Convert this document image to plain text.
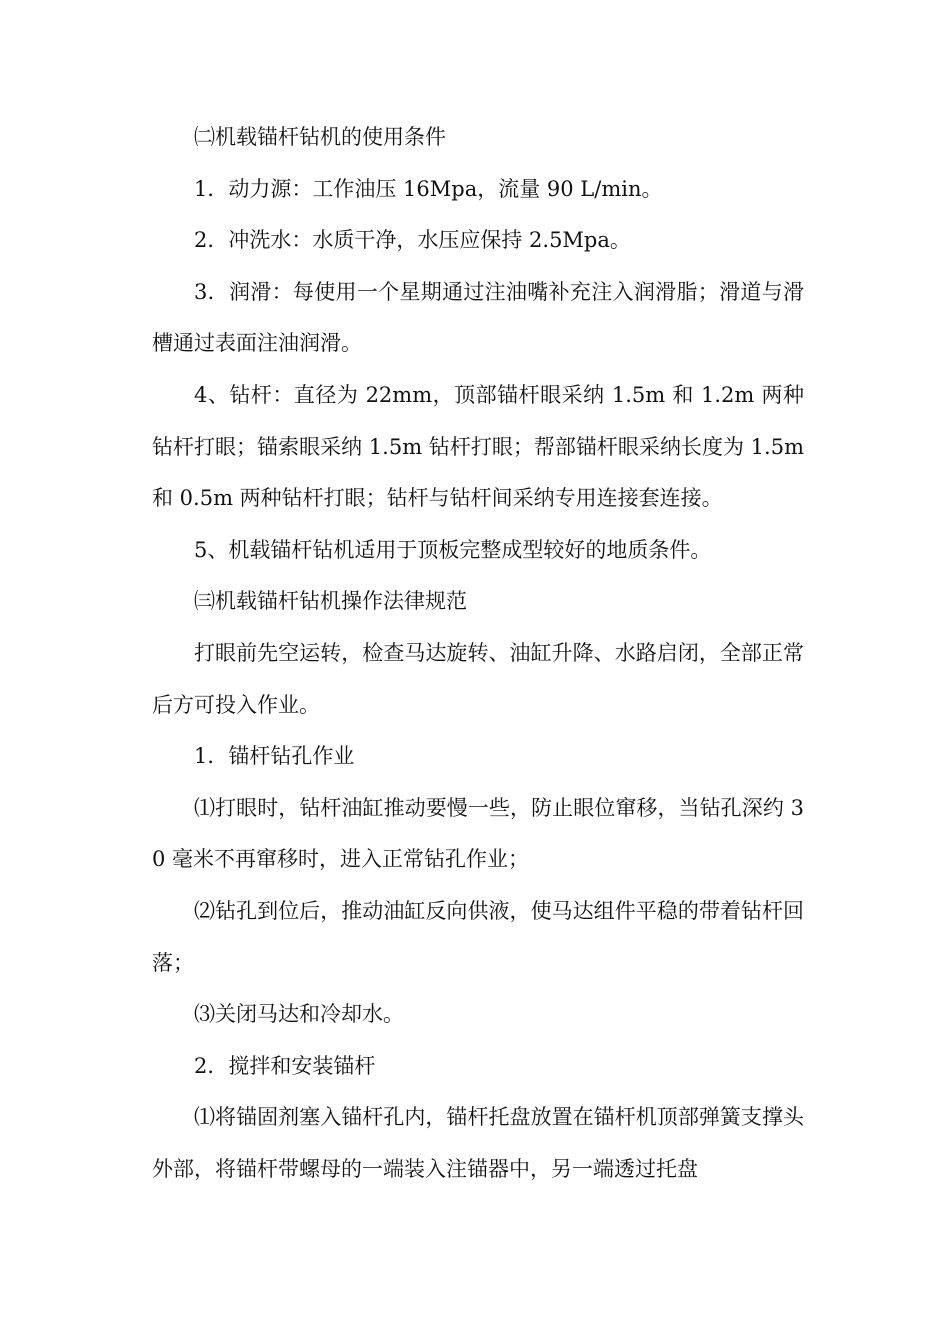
㈡机载锚杆钻机的使用条件

1．动力源：工作油压 16Mpa，流量 90 L/min。

2．冲洗水：水质干净，水压应保持 2.5Mpa。

3．润滑：每使用一个星期通过注油嘴补充注入润滑脂；滑道与滑槽通过表面注油润滑。

4、钻杆：直径为 22mm，顶部锚杆眼采纳 1.5m 和 1.2m 两种钻杆打眼；锚索眼采纳 1.5m 钻杆打眼；帮部锚杆眼采纳长度为 1.5m 和 0.5m 两种钻杆打眼；钻杆与钻杆间采纳专用连接套连接。

5、机载锚杆钻机适用于顶板完整成型较好的地质条件。

㈢机载锚杆钻机操作法律规范

打眼前先空运转，检查马达旋转、油缸升降、水路启闭，全部正常后方可投入作业。

1．锚杆钻孔作业

⑴打眼时，钻杆油缸推动要慢一些，防止眼位窜移，当钻孔深约 30 毫米不再窜移时，进入正常钻孔作业；

⑵钻孔到位后，推动油缸反向供液，使马达组件平稳的带着钻杆回落；

⑶关闭马达和冷却水。

2．搅拌和安装锚杆

⑴将锚固剂塞入锚杆孔内，锚杆托盘放置在锚杆机顶部弹簧支撑头外部，将锚杆带螺母的一端装入注锚器中，另一端透过托盘
